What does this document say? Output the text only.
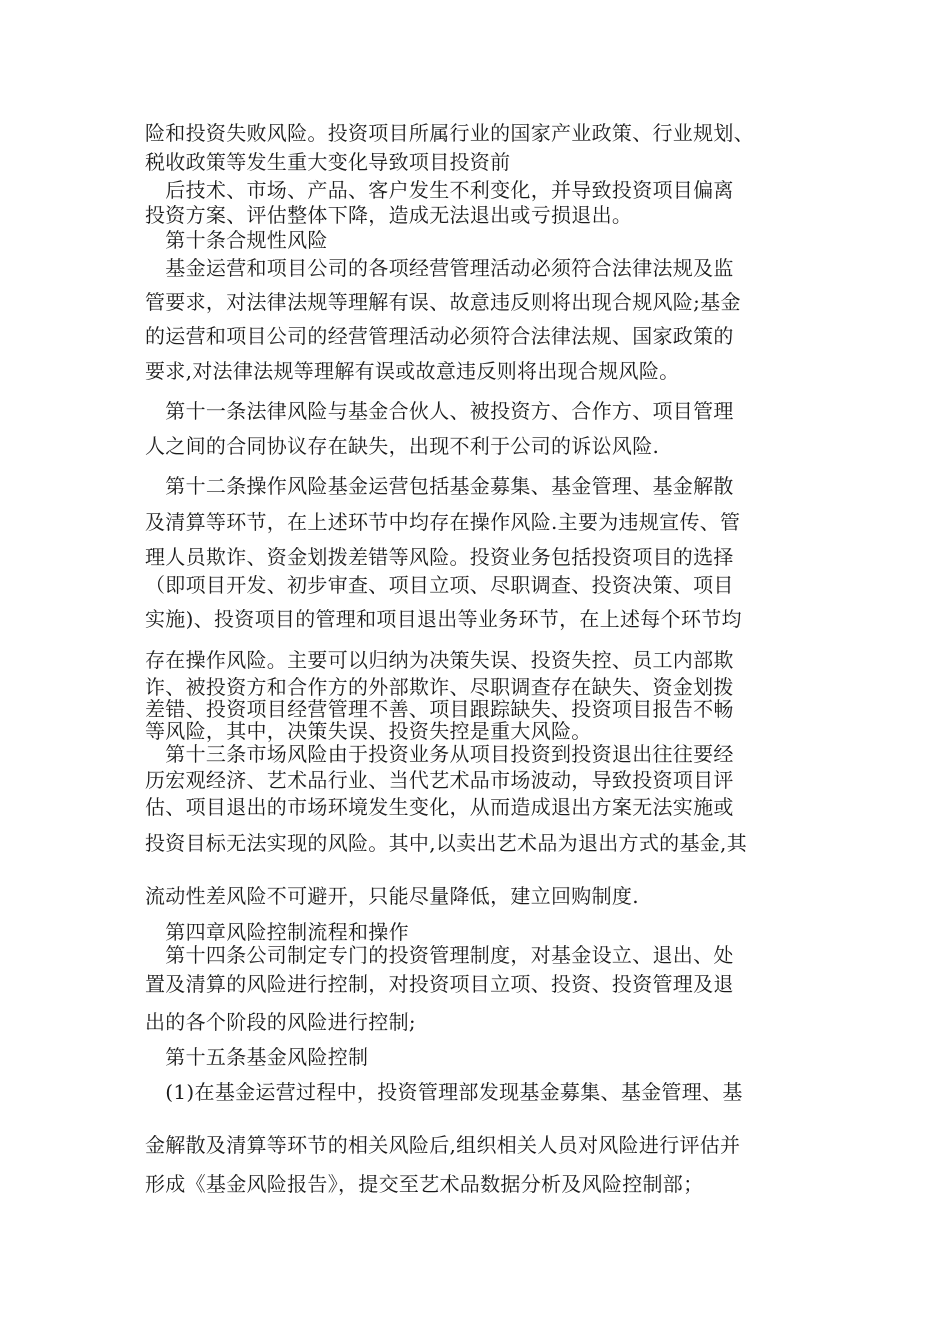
险和投资失败风险。投资项目所属行业的国家产业政策、行业规划、
税收政策等发生重大变化导致项目投资前
　后技术、市场、产品、客户发生不利变化，并导致投资项目偏离
投资方案、评估整体下降，造成无法退出或亏损退出。
　第十条合规性风险
　基金运营和项目公司的各项经营管理活动必须符合法律法规及监
管要求，对法律法规等理解有误、故意违反则将出现合规风险;基金
的运营和项目公司的经营管理活动必须符合法律法规、国家政策的
要求,对法律法规等理解有误或故意违反则将出现合规风险。
　第十一条法律风险与基金合伙人、被投资方、合作方、项目管理
人之间的合同协议存在缺失，出现不利于公司的诉讼风险.
　第十二条操作风险基金运营包括基金募集、基金管理、基金解散
及清算等环节，在上述环节中均存在操作风险.主要为违规宣传、管
理人员欺诈、资金划拨差错等风险。投资业务包括投资项目的选择
（即项目开发、初步审查、项目立项、尽职调查、投资决策、项目
实施)、投资项目的管理和项目退出等业务环节，在上述每个环节均
存在操作风险。主要可以归纳为决策失误、投资失控、员工内部欺
诈、被投资方和合作方的外部欺诈、尽职调查存在缺失、资金划拨
差错、投资项目经营管理不善、项目跟踪缺失、投资项目报告不畅
等风险，其中，决策失误、投资失控是重大风险。
　第十三条市场风险由于投资业务从项目投资到投资退出往往要经
历宏观经济、艺术品行业、当代艺术品市场波动，导致投资项目评
估、项目退出的市场环境发生变化，从而造成退出方案无法实施或
投资目标无法实现的风险。其中,以卖出艺术品为退出方式的基金,其
流动性差风险不可避开，只能尽量降低，建立回购制度.
　第四章风险控制流程和操作
　第十四条公司制定专门的投资管理制度，对基金设立、退出、处
置及清算的风险进行控制，对投资项目立项、投资、投资管理及退
出的各个阶段的风险进行控制;
　第十五条基金风险控制
　(1)在基金运营过程中，投资管理部发现基金募集、基金管理、基
金解散及清算等环节的相关风险后,组织相关人员对风险进行评估并
形成《基金风险报告》，提交至艺术品数据分析及风险控制部；
